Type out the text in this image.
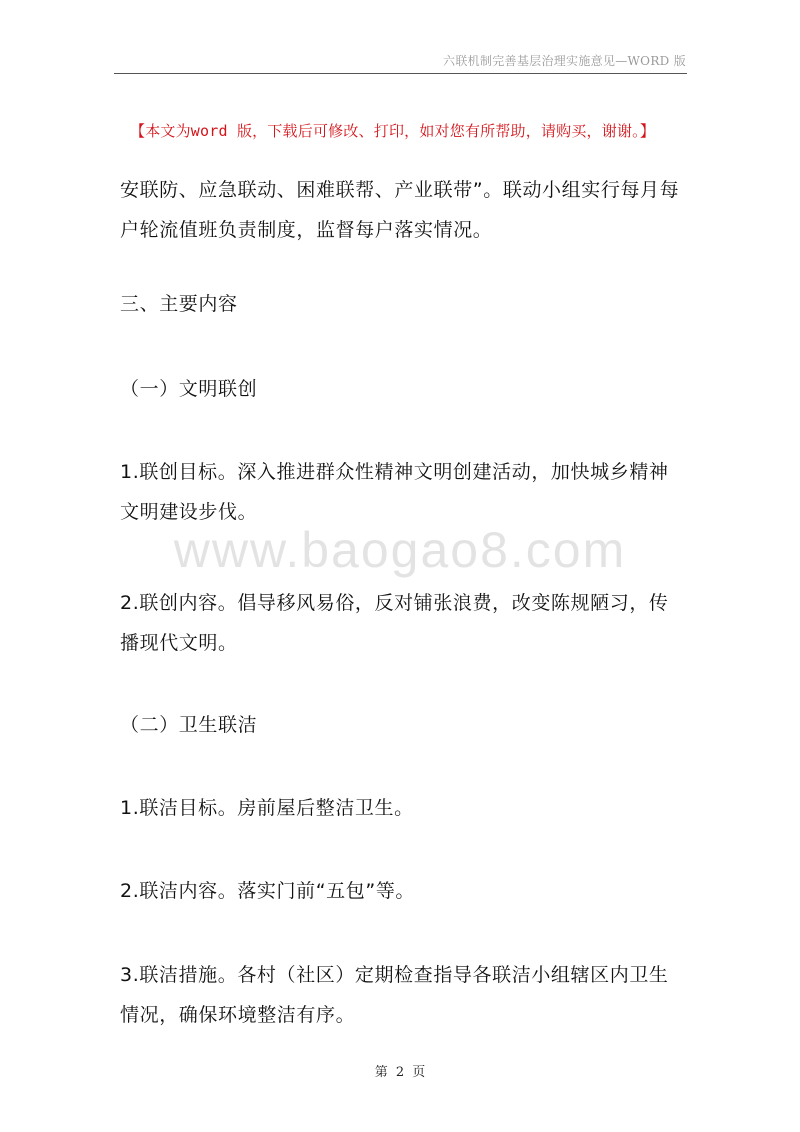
六联机制完善基层治理实施意见—WORD 版
【本文为word 版，下载后可修改、打印，如对您有所帮助，请购买，谢谢。】
安联防、应急联动、困难联帮、产业联带”。联动小组实行每月每户轮流值班负责制度，监督每户落实情况。
三、主要内容
（一）文明联创
1.联创目标。深入推进群众性精神文明创建活动，加快城乡精神文明建设步伐。
2.联创内容。倡导移风易俗，反对铺张浪费，改变陈规陋习，传播现代文明。
（二）卫生联洁
1.联洁目标。房前屋后整洁卫生。
2.联洁内容。落实门前“五包”等。
3.联洁措施。各村（社区）定期检查指导各联洁小组辖区内卫生情况，确保环境整洁有序。
www.baogao8.com
第 2 页
